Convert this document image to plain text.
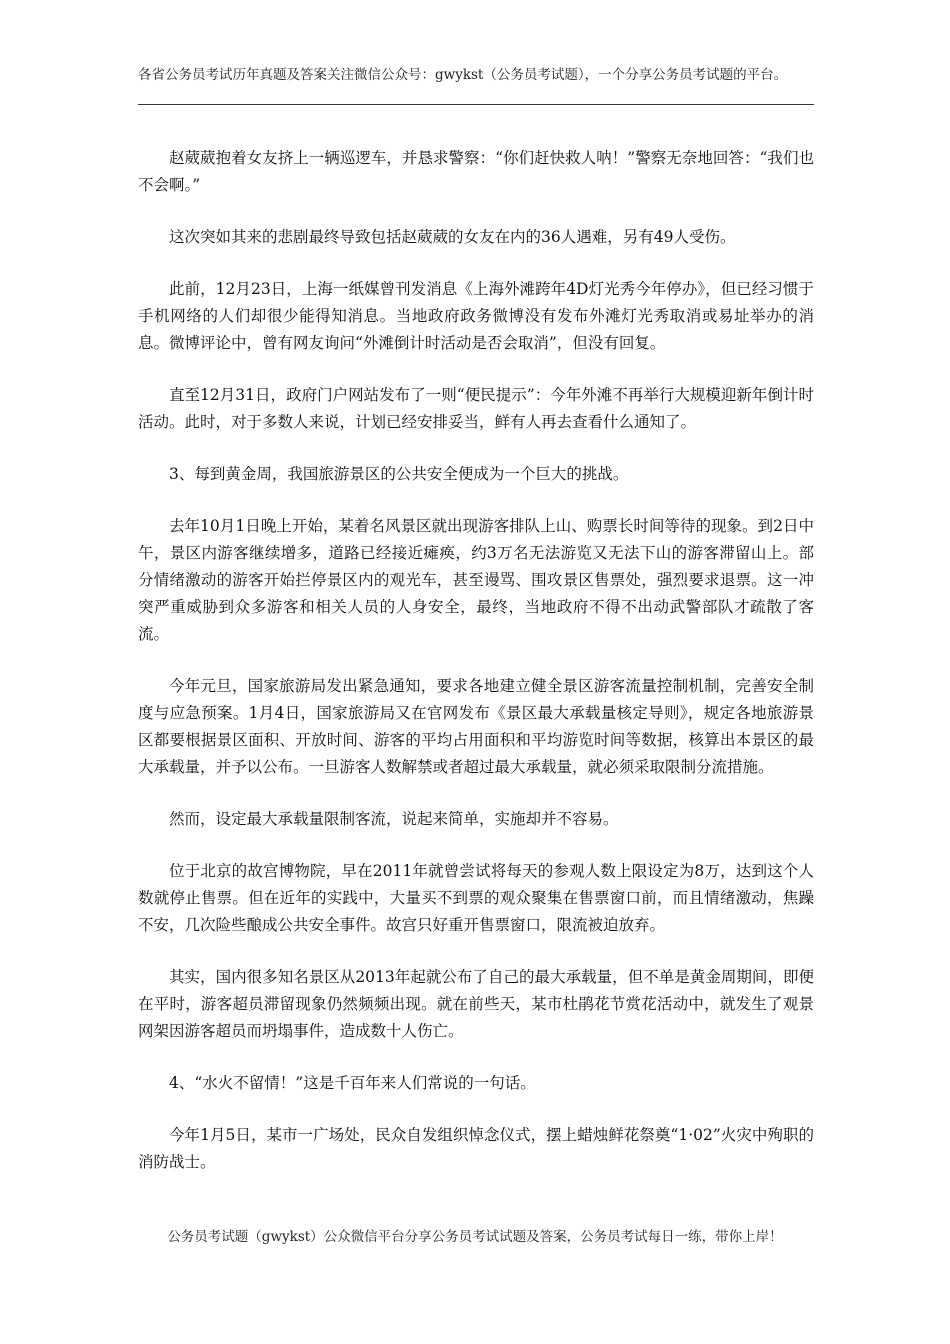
各省公务员考试历年真题及答案关注微信公众号：gwykst（公务员考试题），一个分享公务员考试题的平台。

赵葳葳抱着女友挤上一辆巡逻车，并恳求警察：“你们赶快救人呐！”警察无奈地回答：“我们也不会啊。”

这次突如其来的悲剧最终导致包括赵葳葳的女友在内的36人遇难，另有49人受伤。

此前，12月23日，上海一纸媒曾刊发消息《上海外滩跨年4D灯光秀今年停办》，但已经习惯于手机网络的人们却很少能得知消息。当地政府政务微博没有发布外滩灯光秀取消或易址举办的消息。微博评论中，曾有网友询问“外滩倒计时活动是否会取消”，但没有回复。

直至12月31日，政府门户网站发布了一则“便民提示”：今年外滩不再举行大规模迎新年倒计时活动。此时，对于多数人来说，计划已经安排妥当，鲜有人再去查看什么通知了。

3、每到黄金周，我国旅游景区的公共安全便成为一个巨大的挑战。

去年10月1日晚上开始，某着名风景区就出现游客排队上山、购票长时间等待的现象。到2日中午，景区内游客继续增多，道路已经接近瘫痪，约3万名无法游览又无法下山的游客滞留山上。部分情绪激动的游客开始拦停景区内的观光车，甚至谩骂、围攻景区售票处，强烈要求退票。这一冲突严重威胁到众多游客和相关人员的人身安全，最终，当地政府不得不出动武警部队才疏散了客流。

今年元旦，国家旅游局发出紧急通知，要求各地建立健全景区游客流量控制机制，完善安全制度与应急预案。1月4日，国家旅游局又在官网发布《景区最大承载量核定导则》，规定各地旅游景区都要根据景区面积、开放时间、游客的平均占用面积和平均游览时间等数据，核算出本景区的最大承载量，并予以公布。一旦游客人数解禁或者超过最大承载量，就必须采取限制分流措施。

然而，设定最大承载量限制客流，说起来简单，实施却并不容易。

位于北京的故宫博物院，早在2011年就曾尝试将每天的参观人数上限设定为8万，达到这个人数就停止售票。但在近年的实践中，大量买不到票的观众聚集在售票窗口前，而且情绪激动，焦躁不安，几次险些酿成公共安全事件。故宫只好重开售票窗口，限流被迫放弃。

其实，国内很多知名景区从2013年起就公布了自己的最大承载量，但不单是黄金周期间，即便在平时，游客超员滞留现象仍然频频出现。就在前些天，某市杜鹃花节赏花活动中，就发生了观景网架因游客超员而坍塌事件，造成数十人伤亡。

4、“水火不留情！”这是千百年来人们常说的一句话。

今年1月5日，某市一广场处，民众自发组织悼念仪式，摆上蜡烛鲜花祭奠“1·02”火灾中殉职的消防战士。

公务员考试题（gwykst）公众微信平台分享公务员考试试题及答案，公务员考试每日一练，带你上岸！
